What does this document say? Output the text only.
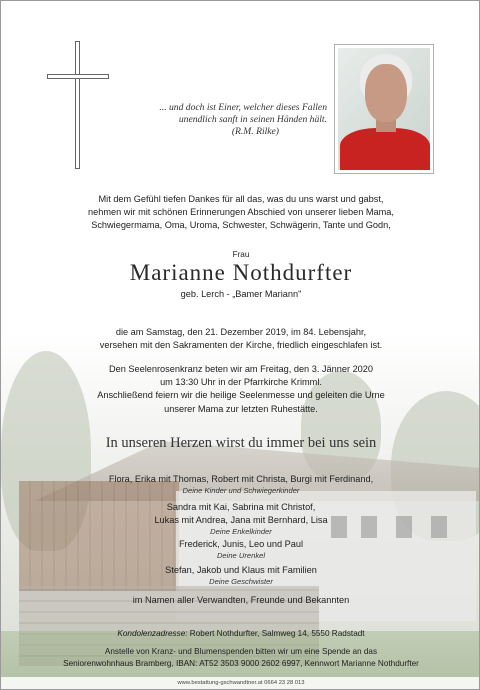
... und doch ist Einer, welcher dieses Fallen
unendlich sanft in seinen Händen hält.

(R.M. Rilke)
Mit dem Gefühl tiefen Dankes für all das, was du uns warst und gabst,
nehmen wir mit schönen Erinnerungen Abschied von unserer lieben Mama,
Schwiegermama, Oma, Uroma, Schwester, Schwägerin, Tante und Godn,
Frau
Marianne Nothdurfter
geb. Lerch - „Bamer Mariann"
die am Samstag, den 21. Dezember 2019, im 84. Lebensjahr,
versehen mit den Sakramenten der Kirche, friedlich eingeschlafen ist.
Den Seelenrosenkranz beten wir am Freitag, den 3. Jänner 2020
um 13:30 Uhr in der Pfarrkirche Krimml.
Anschließend feiern wir die heilige Seelenmesse und geleiten die Urne
unserer Mama zur letzten Ruhestätte.
In unseren Herzen wirst du immer bei uns sein
Flora, Erika mit Thomas, Robert mit Christa, Burgi mit Ferdinand,
Deine Kinder und Schwiegerkinder
Sandra mit Kai, Sabrina mit Christof,
Lukas mit Andrea, Jana mit Bernhard, Lisa
Deine Enkelkinder
Frederick, Junis, Leo und Paul
Deine Urenkel
Stefan, Jakob und Klaus mit Familien
Deine Geschwister
im Namen aller Verwandten, Freunde und Bekannten
Kondolenzadresse: Robert Nothdurfter, Salmweg 14, 5550 Radstadt
Anstelle von Kranz- und Blumenspenden bitten wir um eine Spende an das
Seniorenwohnhaus Bramberg, IBAN: AT52 3503 9000 2602 6997, Kennwort Marianne Nothdurfter
www.bestattung-gschwandtner.at 0664 23 28 013
